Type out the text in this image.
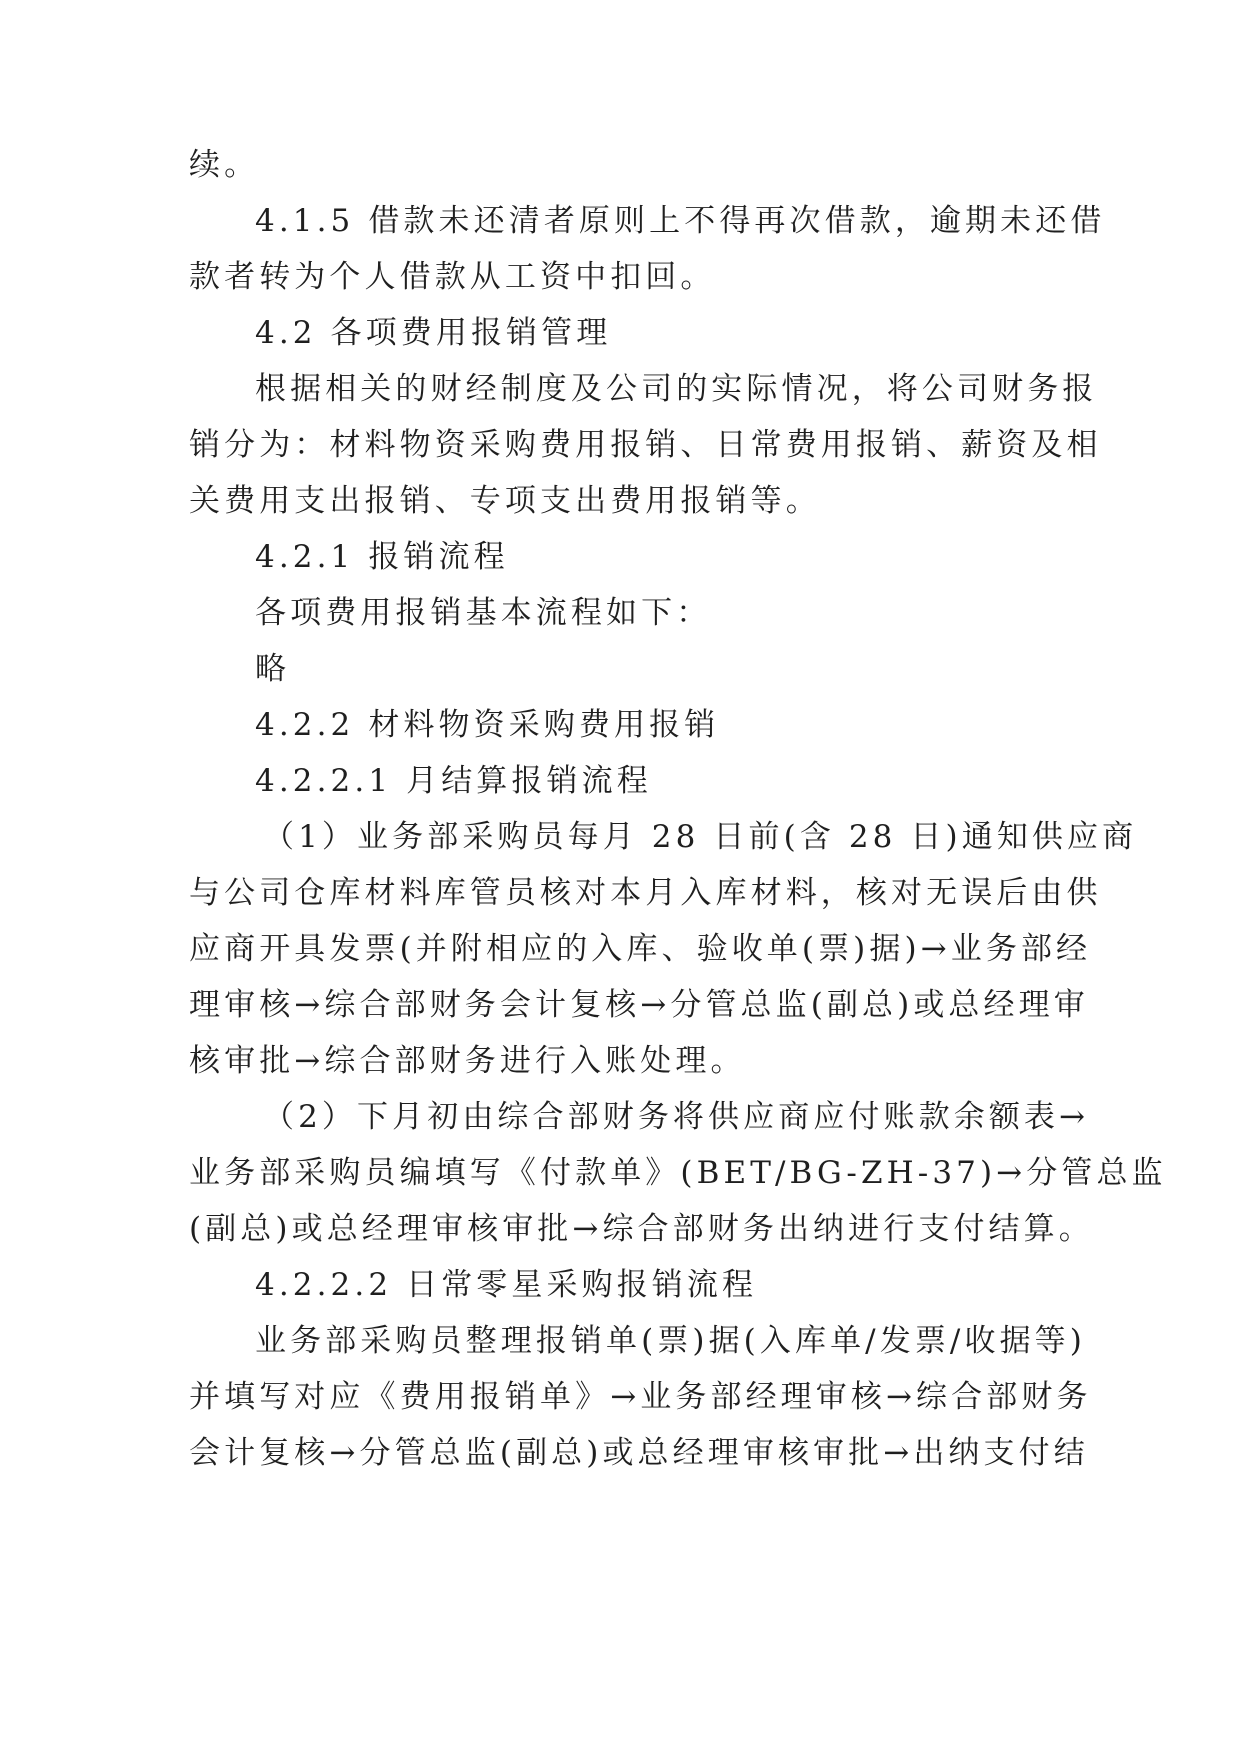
续。

4.1.5 借款未还清者原则上不得再次借款，逾期未还借

款者转为个人借款从工资中扣回。

4.2 各项费用报销管理

根据相关的财经制度及公司的实际情况，将公司财务报

销分为：材料物资采购费用报销、日常费用报销、薪资及相

关费用支出报销、专项支出费用报销等。

4.2.1 报销流程

各项费用报销基本流程如下：

略

4.2.2 材料物资采购费用报销

4.2.2.1 月结算报销流程

（1）业务部采购员每月 28 日前(含 28 日)通知供应商

与公司仓库材料库管员核对本月入库材料，核对无误后由供

应商开具发票(并附相应的入库、验收单(票)据)→业务部经

理审核→综合部财务会计复核→分管总监(副总)或总经理审

核审批→综合部财务进行入账处理。

（2）下月初由综合部财务将供应商应付账款余额表→

业务部采购员编填写《付款单》(BET/BG-ZH-37)→分管总监

(副总)或总经理审核审批→综合部财务出纳进行支付结算。

4.2.2.2 日常零星采购报销流程

业务部采购员整理报销单(票)据(入库单/发票/收据等)

并填写对应《费用报销单》→业务部经理审核→综合部财务

会计复核→分管总监(副总)或总经理审核审批→出纳支付结
